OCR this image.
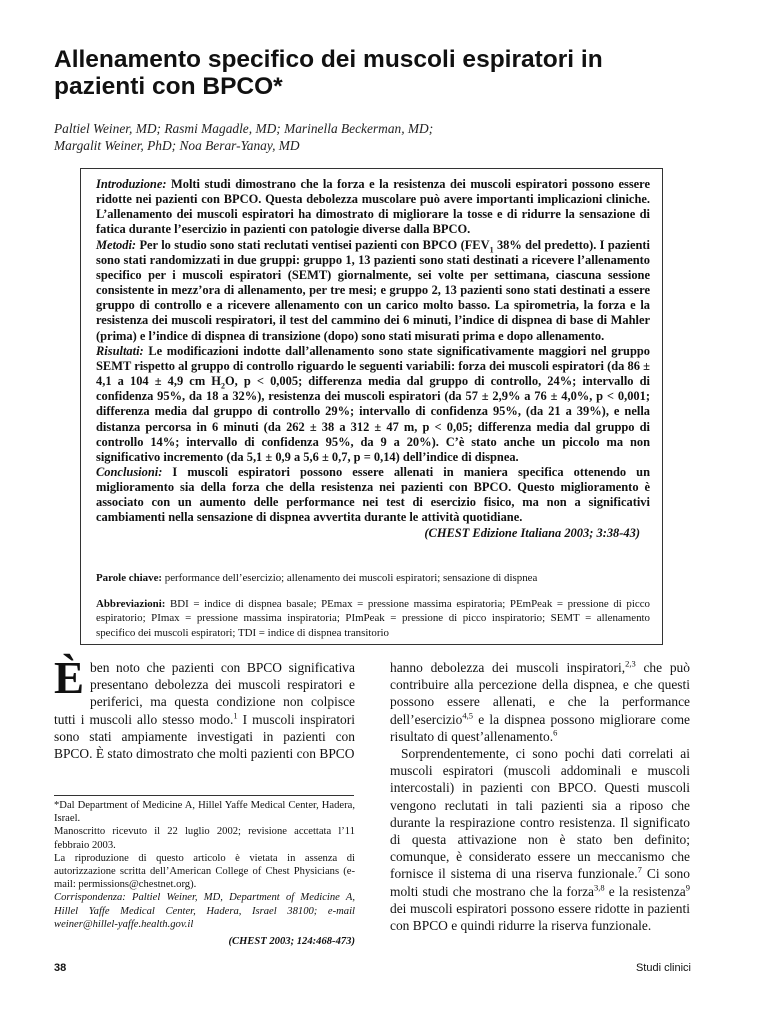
Allenamento specifico dei muscoli espiratori in pazienti con BPCO*
Paltiel Weiner, MD; Rasmi Magadle, MD; Marinella Beckerman, MD;
Margalit Weiner, PhD; Noa Berar-Yanay, MD

Introduzione: Molti studi dimostrano che la forza e la resistenza dei muscoli espiratori possono essere ridotte nei pazienti con BPCO. Questa debolezza muscolare può avere importanti implicazioni cliniche. L’allenamento dei muscoli espiratori ha dimostrato di migliorare la tosse e di ridurre la sensazione di fatica durante l’esercizio in pazienti con patologie diverse dalla BPCO.

Metodi: Per lo studio sono stati reclutati ventisei pazienti con BPCO ($FEV_1$ 38% del predetto). I pazienti sono stati randomizzati in due gruppi: gruppo 1, 13 pazienti sono stati destinati a ricevere l’allenamento specifico per i muscoli espiratori (SEMT) giornalmente, sei volte per settimana, ciascuna sessione consistente in mezz’ora di allenamento, per tre mesi; e gruppo 2, 13 pazienti sono stati destinati a essere gruppo di controllo e a ricevere allenamento con un carico molto basso. La spirometria, la forza e la resistenza dei muscoli respiratori, il test del cammino dei 6 minuti, l’indice di dispnea di base di Mahler (prima) e l’indice di dispnea di transizione (dopo) sono stati misurati prima e dopo allenamento.

Risultati: Le modificazioni indotte dall’allenamento sono state significativamente maggiori nel gruppo SEMT rispetto al gruppo di controllo riguardo le seguenti variabili: forza dei muscoli espiratori (da 86 ± 4,1 a 104 ± 4,9 cm $H_2O$, p < 0,005; differenza media dal gruppo di controllo, 24%; intervallo di confidenza 95%, da 18 a 32%), resistenza dei muscoli espiratori (da 57 ± 2,9% a 76 ± 4,0%, p < 0,001; differenza media dal gruppo di controllo 29%; intervallo di confidenza 95%, (da 21 a 39%), e nella distanza percorsa in 6 minuti (da 262 ± 38 a 312 ± 47 m, p < 0,05; differenza media dal gruppo di controllo 14%; intervallo di confidenza 95%, da 9 a 20%). C’è stato anche un piccolo ma non significativo incremento (da 5,1 ± 0,9 a 5,6 ± 0,7, p = 0,14) dell’indice di dispnea.

Conclusioni: I muscoli espiratori possono essere allenati in maniera specifica ottenendo un miglioramento sia della forza che della resistenza nei pazienti con BPCO. Questo miglioramento è associato con un aumento delle performance nei test di esercizio fisico, ma non a significativi cambiamenti nella sensazione di dispnea avvertita durante le attività quotidiane.

(CHEST Edizione Italiana 2003; 3:38-43)

Parole chiave: performance dell’esercizio; allenamento dei muscoli espiratori; sensazione di dispnea
Abbreviazioni: BDI = indice di dispnea basale; PEmax = pressione massima espiratoria; PEmPeak = pressione di picco espiratorio; PImax = pressione massima inspiratoria; PImPeak = pressione di picco inspiratorio; SEMT = allenamento specifico dei muscoli espiratori; TDI = indice di dispnea transitorio

Èben noto che pazienti con BPCO significativa presentano debolezza dei muscoli respiratori e periferici, ma questa condizione non colpisce tutti i muscoli allo stesso modo.$^1$ I muscoli inspiratori sono stati ampiamente investigati in pazienti con BPCO. È stato dimostrato che molti pazienti con BPCO

hanno debolezza dei muscoli inspiratori,$^{2,3}$ che può contribuire alla percezione della dispnea, e che questi possono essere allenati, e che la performance dell’esercizio$^{4,5}$ e la dispnea possono migliorare come risultato di quest’allenamento.$^6$

Sorprendentemente, ci sono pochi dati correlati ai muscoli espiratori (muscoli addominali e muscoli intercostali) in pazienti con BPCO. Questi muscoli vengono reclutati in tali pazienti sia a riposo che durante la respirazione contro resistenza. Il significato di questa attivazione non è stato ben definito; comunque, è considerato essere un meccanismo che fornisce il sistema di una riserva funzionale.$^7$ Ci sono molti studi che mostrano che la forza$^{3,8}$ e la resistenza$^9$ dei muscoli espiratori possono essere ridotte in pazienti con BPCO e quindi ridurre la riserva funzionale.

*Dal Department of Medicine A, Hillel Yaffe Medical Center, Hadera, Israel.

Manoscritto ricevuto il 22 luglio 2002; revisione accettata l’11 febbraio 2003.

La riproduzione di questo articolo è vietata in assenza di autorizzazione scritta dell’American College of Chest Physicians (e-mail: permissions@chestnet.org).

Corrispondenza: Paltiel Weiner, MD, Department of Medicine A, Hillel Yaffe Medical Center, Hadera, Israel 38100; e-mail weiner@hillel-yaffe.health.gov.il

(CHEST 2003; 124:468-473)

38	Studi clinici
